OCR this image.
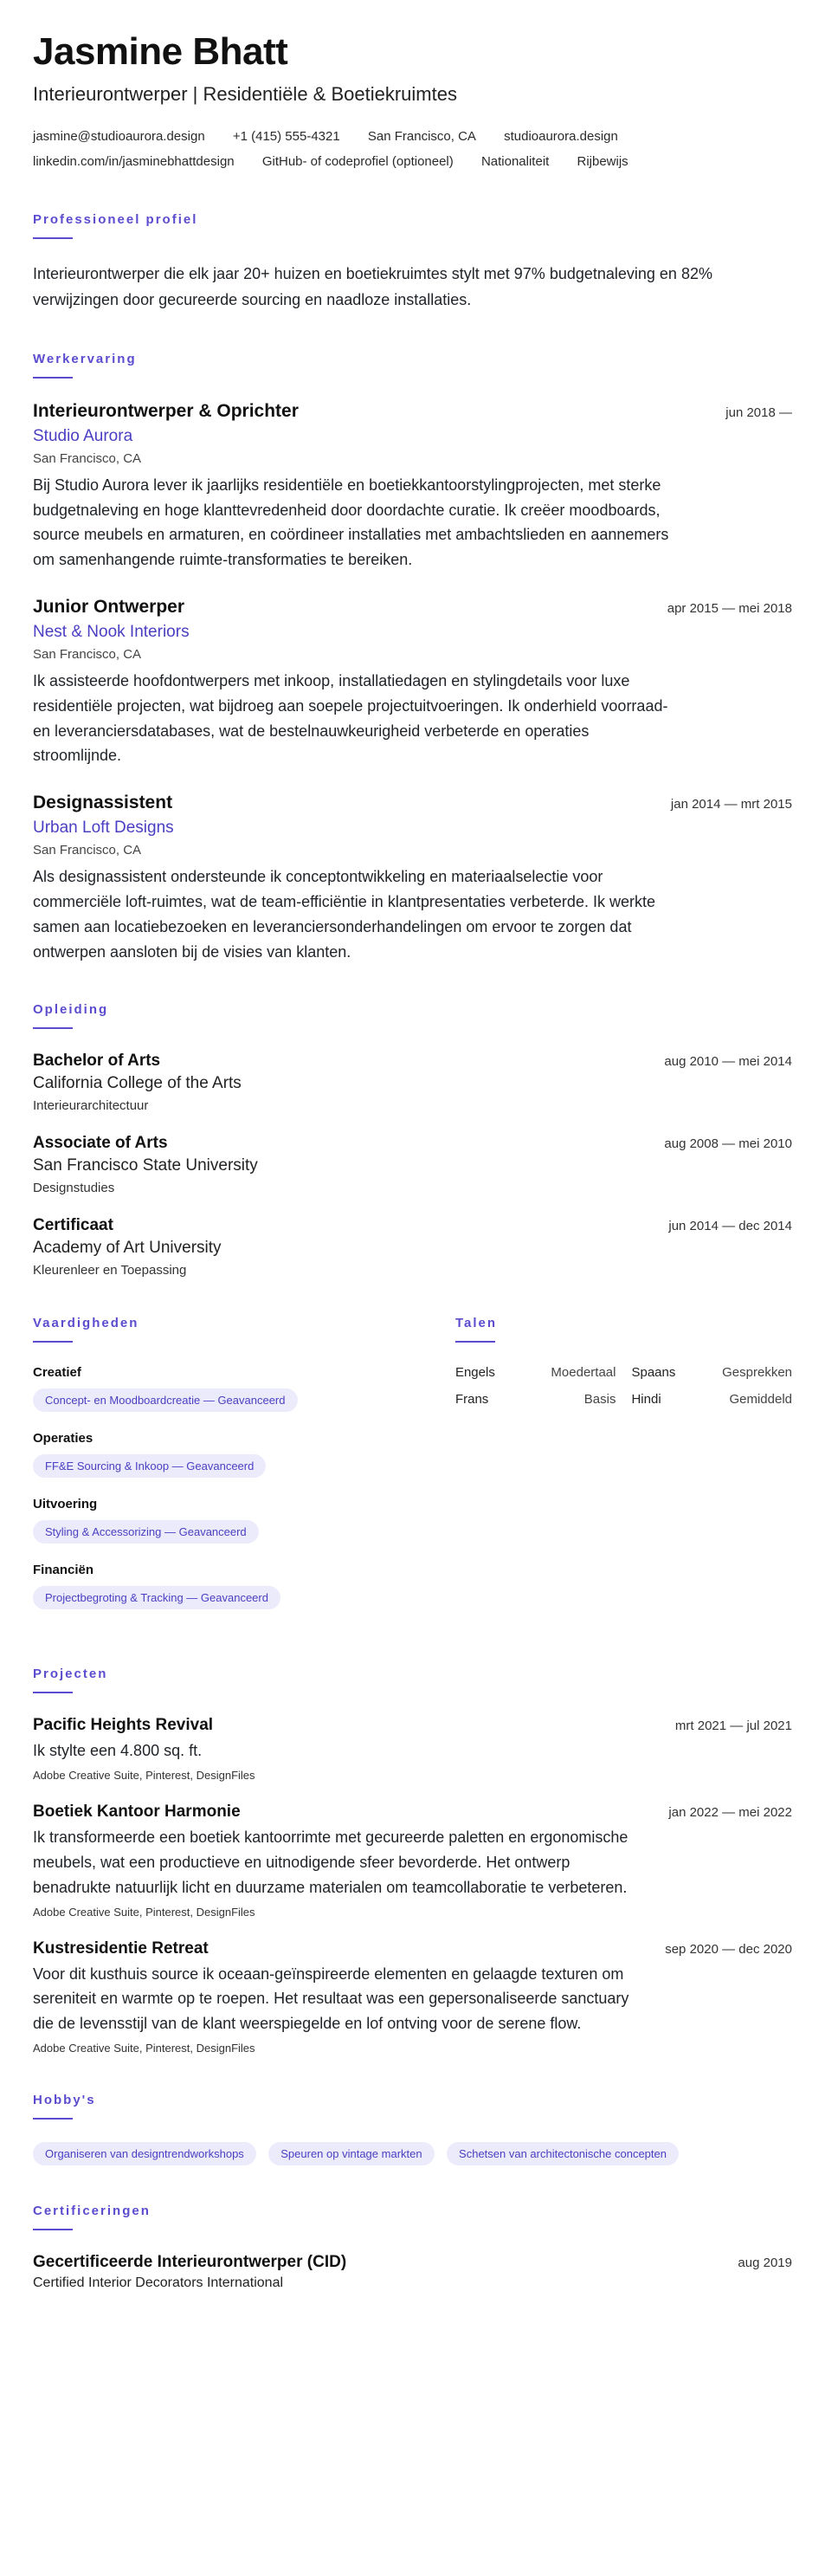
Jasmine Bhatt
Interieurontwerper | Residentiële & Boetiekruimtes
jasmine@studioaurora.design +1 (415) 555-4321 San Francisco, CA studioaurora.design
linkedin.com/in/jasminebhattdesign GitHub- of codeprofiel (optioneel) Nationaliteit Rijbewijs
Professioneel profiel
Interieurontwerper die elk jaar 20+ huizen en boetiekruimtes stylt met 97% budgetnaleving en 82% verwijzingen door gecureerde sourcing en naadloze installaties.
Werkervaring
Interieurontwerper & Oprichter	jun 2018 —
Studio Aurora
San Francisco, CA
Bij Studio Aurora lever ik jaarlijks residentiële en boetiekkantoorstylingprojecten, met sterke budgetnaleving en hoge klanttevredenheid door doordachte curatie. Ik creëer moodboards, source meubels en armaturen, en coördineer installaties met ambachtslieden en aannemers om samenhangende ruimte-transformaties te bereiken.
Junior Ontwerper	apr 2015 — mei 2018
Nest & Nook Interiors
San Francisco, CA
Ik assisteerde hoofdontwerpers met inkoop, installatiedagen en stylingdetails voor luxe residentiële projecten, wat bijdroeg aan soepele projectuitvoeringen. Ik onderhield voorraad- en leveranciersdatabases, wat de bestelnauwkeurigheid verbeterde en operaties stroomlijnde.
Designassistent	jan 2014 — mrt 2015
Urban Loft Designs
San Francisco, CA
Als designassistent ondersteunde ik conceptontwikkeling en materiaalselectie voor commerciële loft-ruimtes, wat de team-efficiëntie in klantpresentaties verbeterde. Ik werkte samen aan locatiebezoeken en leveranciersonderhandelingen om ervoor te zorgen dat ontwerpen aansloten bij de visies van klanten.
Opleiding
Bachelor of Arts	aug 2010 — mei 2014
California College of the Arts
Interieurarchitectuur
Associate of Arts	aug 2008 — mei 2010
San Francisco State University
Designstudies
Certificaat	jun 2014 — dec 2014
Academy of Art University
Kleurenleer en Toepassing
Vaardigheden
Creatief
Concept- en Moodboardcreatie — Geavanceerd
Operaties
FF&E Sourcing & Inkoop — Geavanceerd
Uitvoering
Styling & Accessorizing — Geavanceerd
Financiën
Projectbegroting & Tracking — Geavanceerd
Talen
Engels	Moedertaal Spaans	Gesprekken
Frans	Basis Hindi	Gemiddeld
Projecten
Pacific Heights Revival	mrt 2021 — jul 2021
Ik stylte een 4.800 sq. ft.
Adobe Creative Suite, Pinterest, DesignFiles
Boetiek Kantoor Harmonie	jan 2022 — mei 2022
Ik transformeerde een boetiek kantoorrimte met gecureerde paletten en ergonomische meubels, wat een productieve en uitnodigende sfeer bevorderde. Het ontwerp benadrukte natuurlijk licht en duurzame materialen om teamcollaboratie te verbeteren.
Adobe Creative Suite, Pinterest, DesignFiles
Kustresidentie Retreat	sep 2020 — dec 2020
Voor dit kusthuis source ik oceaan-geïnspireerde elementen en gelaagde texturen om sereniteit en warmte op te roepen. Het resultaat was een gepersonaliseerde sanctuary die de levensstijl van de klant weerspiegelde en lof ontving voor de serene flow.
Adobe Creative Suite, Pinterest, DesignFiles
Hobby's
Organiseren van designtrendworkshops	Speuren op vintage markten	Schetsen van architectonische concepten
Certificeringen
Gecertificeerde Interieurontwerper (CID)	aug 2019
Certified Interior Decorators International
